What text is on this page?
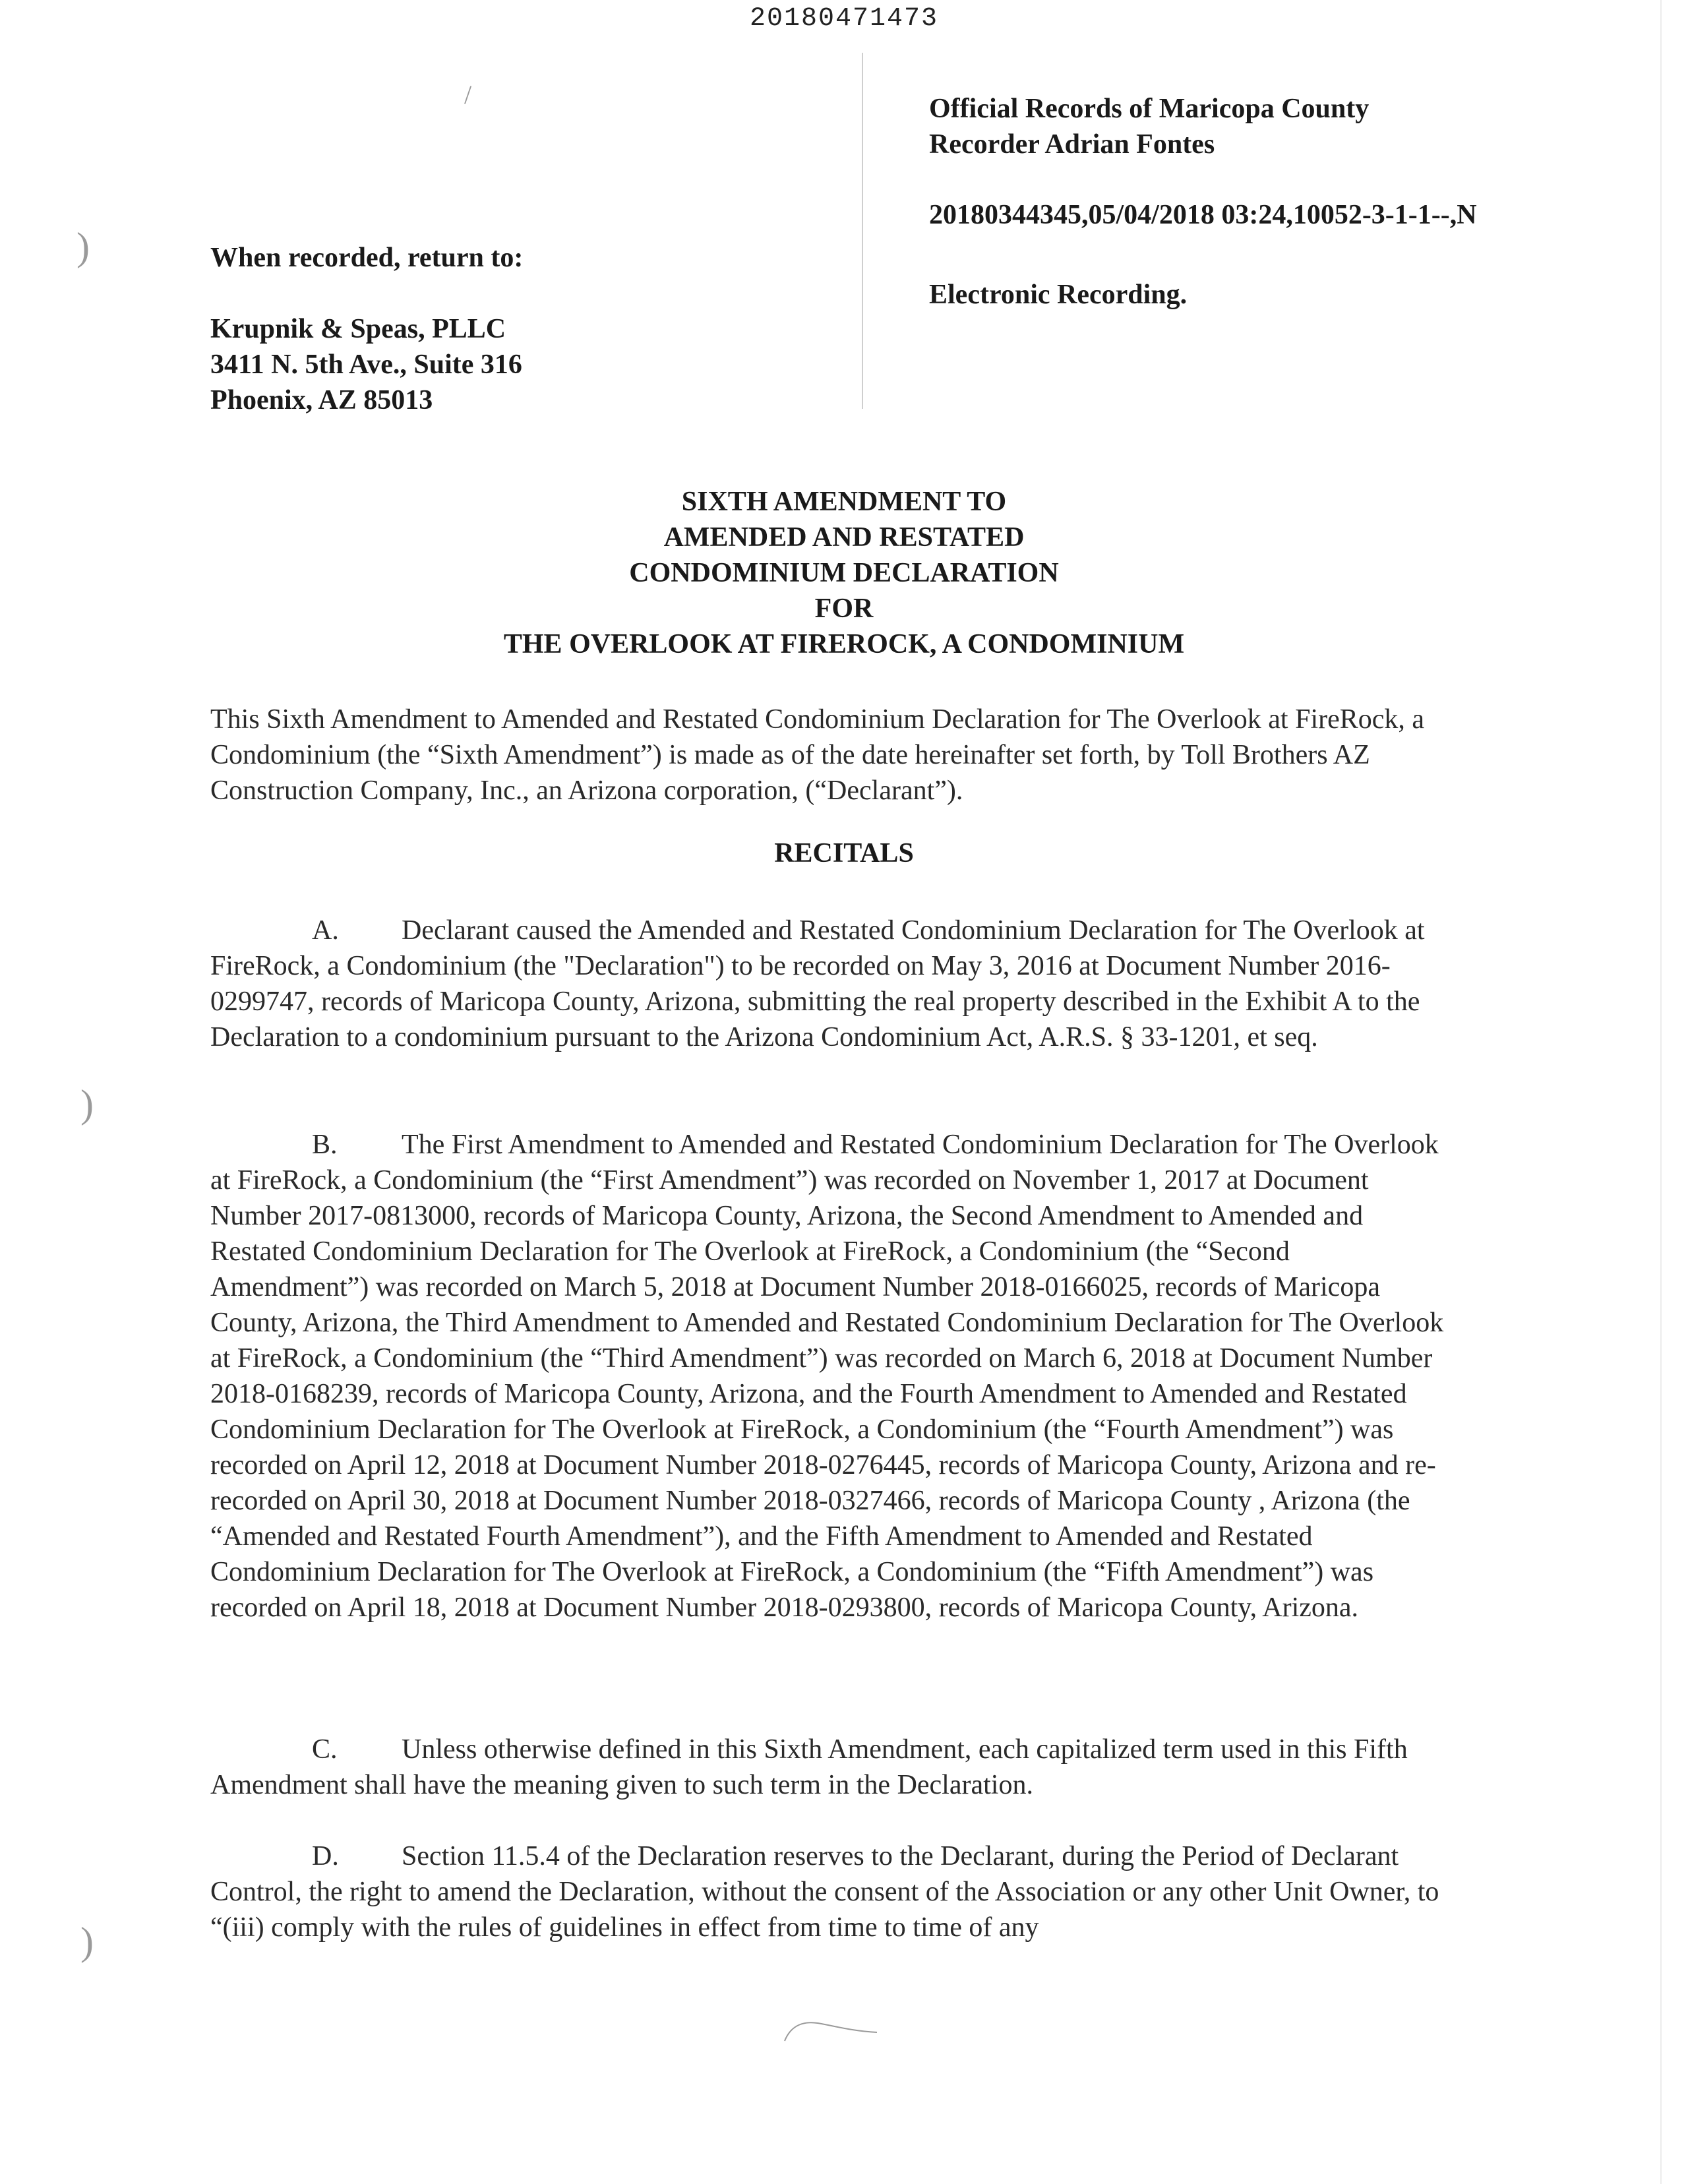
20180471473
/
)
)
)
Official Records of Maricopa County
Recorder Adrian Fontes
20180344345,05/04/2018 03:24,10052-3-1-1--,N
Electronic Recording.
When recorded, return to:
Krupnik & Speas, PLLC
3411 N. 5th Ave., Suite 316
Phoenix, AZ 85013
SIXTH AMENDMENT TO
AMENDED AND RESTATED
CONDOMINIUM DECLARATION
FOR
THE OVERLOOK AT FIREROCK, A CONDOMINIUM
This Sixth Amendment to Amended and Restated Condominium Declaration for The Overlook at FireRock, a Condominium (the “Sixth Amendment”) is made as of the date hereinafter set forth, by Toll Brothers AZ Construction Company, Inc., an Arizona corporation, (“Declarant”).
RECITALS
A. Declarant caused the Amended and Restated Condominium Declaration for The Overlook at FireRock, a Condominium (the "Declaration") to be recorded on May 3, 2016 at Document Number 2016-0299747, records of Maricopa County, Arizona, submitting the real property described in the Exhibit A to the Declaration to a condominium pursuant to the Arizona Condominium Act, A.R.S. § 33-1201, et seq.
B. The First Amendment to Amended and Restated Condominium Declaration for The Overlook at FireRock, a Condominium (the “First Amendment”) was recorded on November 1, 2017 at Document Number 2017-0813000, records of Maricopa County, Arizona, the Second Amendment to Amended and Restated Condominium Declaration for The Overlook at FireRock, a Condominium (the “Second Amendment”) was recorded on March 5, 2018 at Document Number 2018-0166025, records of Maricopa County, Arizona, the Third Amendment to Amended and Restated Condominium Declaration for The Overlook at FireRock, a Condominium (the “Third Amendment”) was recorded on March 6, 2018 at Document Number 2018-0168239, records of Maricopa County, Arizona, and the Fourth Amendment to Amended and Restated Condominium Declaration for The Overlook at FireRock, a Condominium (the “Fourth Amendment”) was recorded on April 12, 2018 at Document Number 2018-0276445, records of Maricopa County, Arizona and re-recorded on April 30, 2018 at Document Number 2018-0327466, records of Maricopa County , Arizona (the “Amended and Restated Fourth Amendment”), and the Fifth Amendment to Amended and Restated Condominium Declaration for The Overlook at FireRock, a Condominium (the “Fifth Amendment”) was recorded on April 18, 2018 at Document Number 2018-0293800, records of Maricopa County, Arizona.
C. Unless otherwise defined in this Sixth Amendment, each capitalized term used in this Fifth Amendment shall have the meaning given to such term in the Declaration.
D. Section 11.5.4 of the Declaration reserves to the Declarant, during the Period of Declarant Control, the right to amend the Declaration, without the consent of the Association or any other Unit Owner, to “(iii) comply with the rules of guidelines in effect from time to time of any
